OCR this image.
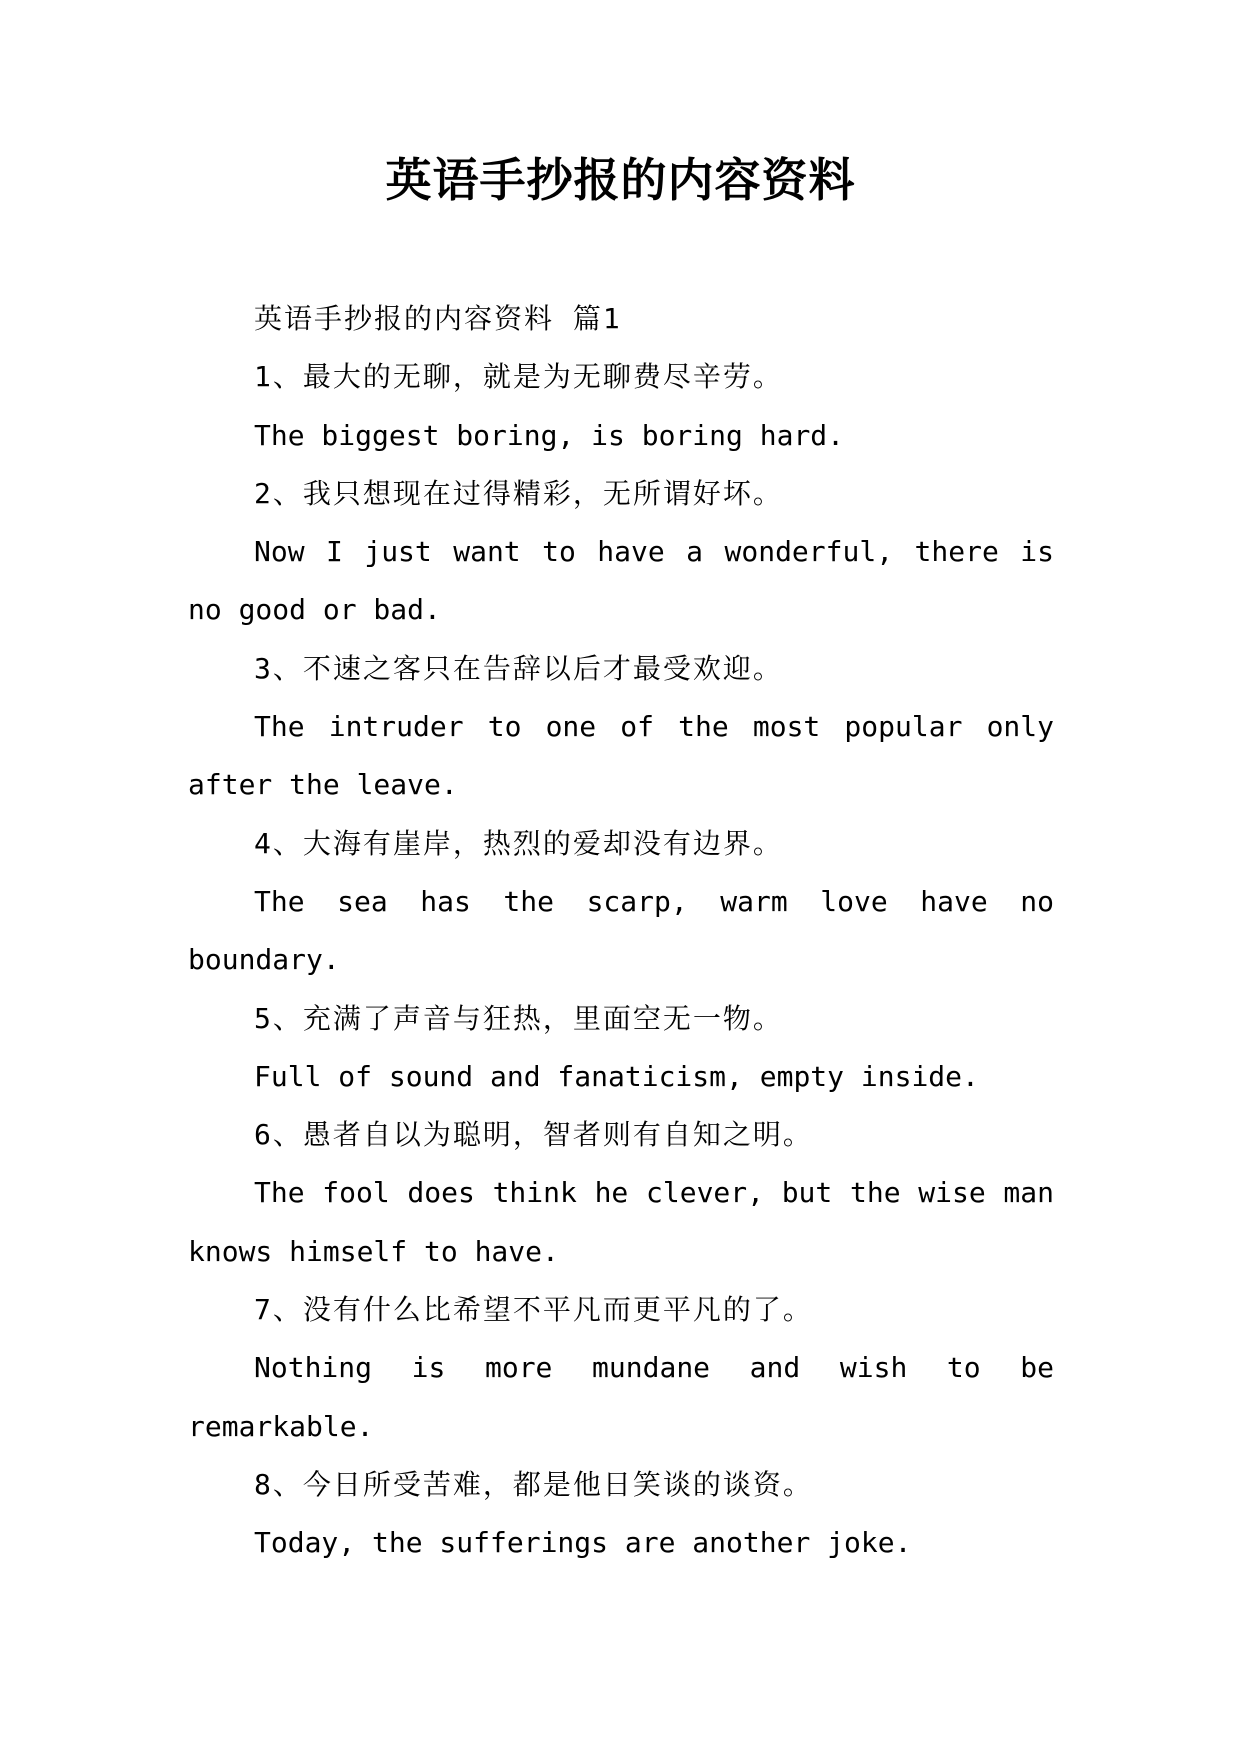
英语手抄报的内容资料

英语手抄报的内容资料 篇1

1、最大的无聊，就是为无聊费尽辛劳。

The biggest boring, is boring hard.

2、我只想现在过得精彩，无所谓好坏。

Now I just want to have a wonderful, there is no good or bad.

3、不速之客只在告辞以后才最受欢迎。

The intruder to one of the most popular only after the leave.

4、大海有崖岸，热烈的爱却没有边界。

The sea has the scarp, warm love have no boundary.

5、充满了声音与狂热，里面空无一物。

Full of sound and fanaticism, empty inside.

6、愚者自以为聪明，智者则有自知之明。

The fool does think he clever, but the wise man knows himself to have.

7、没有什么比希望不平凡而更平凡的了。

Nothing is more mundane and wish to be remarkable.

8、今日所受苦难，都是他日笑谈的谈资。

Today, the sufferings are another joke.
